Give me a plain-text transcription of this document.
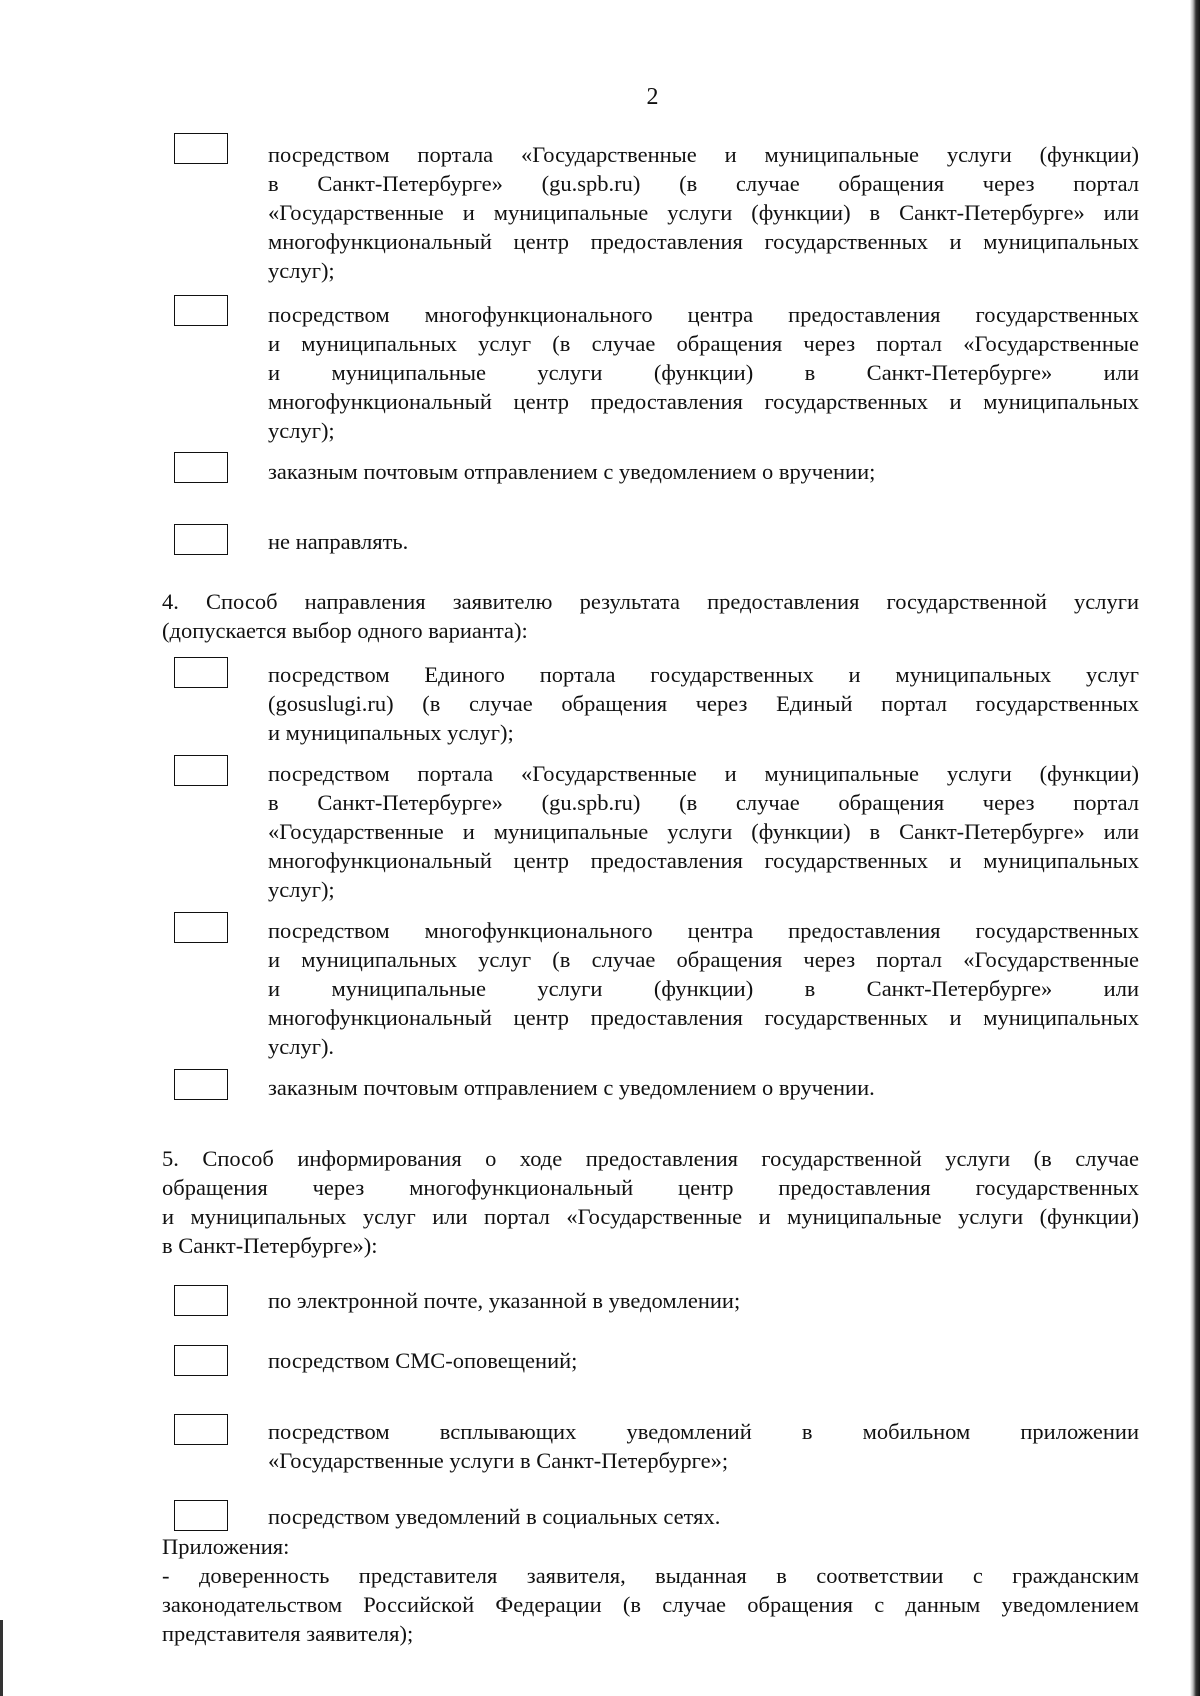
2
посредством портала «Государственные и муниципальные услуги (функции)
в Санкт-Петербурге» (gu.spb.ru) (в случае обращения через портал
«Государственные и муниципальные услуги (функции) в Санкт-Петербурге» или
многофункциональный центр предоставления государственных и муниципальных
услуг);
посредством многофункционального центра предоставления государственных
и муниципальных услуг (в случае обращения через портал «Государственные
и муниципальные услуги (функции) в Санкт-Петербурге» или
многофункциональный центр предоставления государственных и муниципальных
услуг);
заказным почтовым отправлением с уведомлением о вручении;
не направлять.
4. Способ направления заявителю результата предоставления государственной услуги
(допускается выбор одного варианта):
посредством Единого портала государственных и муниципальных услуг
(gosuslugi.ru) (в случае обращения через Единый портал государственных
и муниципальных услуг);
посредством портала «Государственные и муниципальные услуги (функции)
в Санкт-Петербурге» (gu.spb.ru) (в случае обращения через портал
«Государственные и муниципальные услуги (функции) в Санкт-Петербурге» или
многофункциональный центр предоставления государственных и муниципальных
услуг);
посредством многофункционального центра предоставления государственных
и муниципальных услуг (в случае обращения через портал «Государственные
и муниципальные услуги (функции) в Санкт-Петербурге» или
многофункциональный центр предоставления государственных и муниципальных
услуг).
заказным почтовым отправлением с уведомлением о вручении.
5. Способ информирования о ходе предоставления государственной услуги (в случае
обращения через многофункциональный центр предоставления государственных
и муниципальных услуг или портал «Государственные и муниципальные услуги (функции)
в Санкт-Петербурге»):
по электронной почте, указанной в уведомлении;
посредством СМС-оповещений;
посредством всплывающих уведомлений в мобильном приложении
«Государственные услуги в Санкт-Петербурге»;
посредством уведомлений в социальных сетях.
Приложения:
- доверенность представителя заявителя, выданная в соответствии с гражданским
законодательством Российской Федерации (в случае обращения с данным уведомлением
представителя заявителя);
